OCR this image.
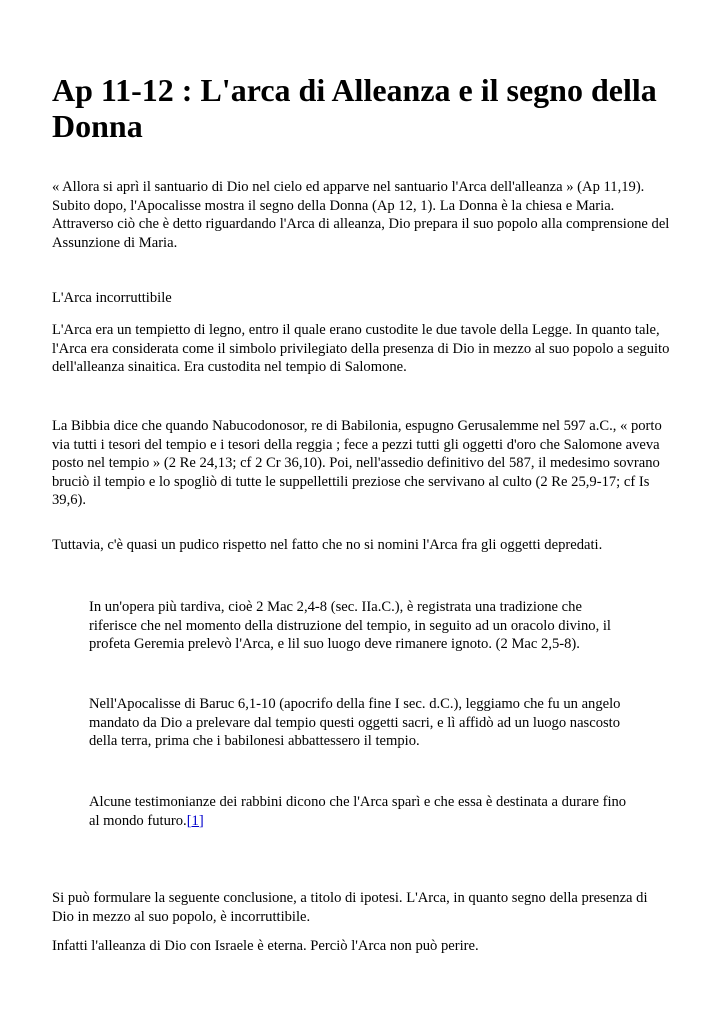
Ap 11-12 : L'arca di Alleanza e il segno della Donna

« Allora si aprì il santuario di Dio nel cielo ed apparve nel santuario l'Arca dell'alleanza » (Ap 11,19). Subito dopo, l'Apocalisse mostra il segno della Donna (Ap 12, 1). La Donna è la chiesa e Maria. Attraverso ciò che è detto riguardando l'Arca di alleanza, Dio prepara il suo popolo alla comprensione del Assunzione di Maria.

L'Arca incorruttibile

L'Arca era un tempietto di legno, entro il quale erano custodite le due tavole della Legge. In quanto tale, l'Arca era considerata come il simbolo privilegiato della presenza di Dio in mezzo al suo popolo a seguito dell'alleanza sinaitica. Era custodita nel tempio di Salomone.

La Bibbia dice che quando Nabucodonosor, re di Babilonia, espugno Gerusalemme nel 597 a.C., « porto via tutti i tesori del tempio e i tesori della reggia ; fece a pezzi tutti gli oggetti d'oro che Salomone aveva posto nel tempio » (2 Re 24,13; cf 2 Cr 36,10). Poi, nell'assedio definitivo del 587, il medesimo sovrano bruciò il tempio e lo spogliò di tutte le suppellettili preziose che servivano al culto (2 Re 25,9-17; cf Is 39,6).

Tuttavia, c'è quasi un pudico rispetto nel fatto che no si nomini l'Arca fra gli oggetti depredati.

In un'opera più tardiva, cioè 2 Mac 2,4-8 (sec. IIa.C.), è registrata una tradizione che riferisce che nel momento della distruzione del tempio, in seguito ad un oracolo divino, il profeta Geremia prelevò l'Arca, e lil suo luogo deve rimanere ignoto. (2 Mac 2,5-8).

Nell'Apocalisse di Baruc 6,1-10 (apocrifo della fine I sec. d.C.), leggiamo che fu un angelo mandato da Dio a prelevare dal tempio questi oggetti sacri, e lì affidò ad un luogo nascosto della terra, prima che i babilonesi abbattessero il tempio.

Alcune testimonianze dei rabbini dicono che l'Arca sparì e che essa è destinata a durare fino al mondo futuro.[1]

Si può formulare la seguente conclusione, a titolo di ipotesi. L'Arca, in quanto segno della presenza di Dio in mezzo al suo popolo, è incorruttibile.

Infatti l'alleanza di Dio con Israele è eterna. Perciò l'Arca non può perire.
